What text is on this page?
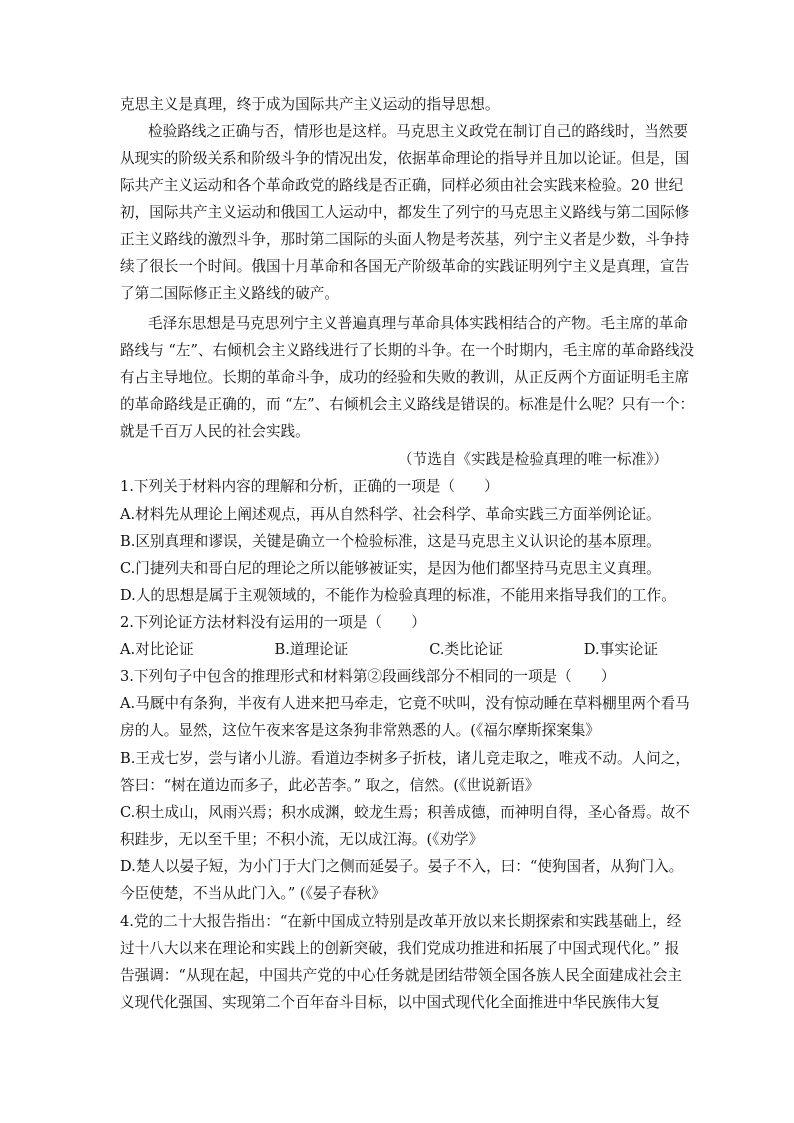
克思主义是真理，终于成为国际共产主义运动的指导思想。
检验路线之正确与否，情形也是这样。马克思主义政党在制订自己的路线时，当然要
从现实的阶级关系和阶级斗争的情况出发，依据革命理论的指导并且加以论证。但是，国
际共产主义运动和各个革命政党的路线是否正确，同样必须由社会实践来检验。20 世纪
初，国际共产主义运动和俄国工人运动中，都发生了列宁的马克思主义路线与第二国际修
正主义路线的激烈斗争，那时第二国际的头面人物是考茨基，列宁主义者是少数，斗争持
续了很长一个时间。俄国十月革命和各国无产阶级革命的实践证明列宁主义是真理，宣告
了第二国际修正主义路线的破产。
毛泽东思想是马克思列宁主义普遍真理与革命具体实践相结合的产物。毛主席的革命
路线与 “左”、右倾机会主义路线进行了长期的斗争。在一个时期内，毛主席的革命路线没
有占主导地位。长期的革命斗争，成功的经验和失败的教训，从正反两个方面证明毛主席
的革命路线是正确的，而 “左”、右倾机会主义路线是错误的。标准是什么呢？只有一个：
就是千百万人民的社会实践。
（节选自《实践是检验真理的唯一标准》）
1.下列关于材料内容的理解和分析，正确的一项是（　　）
A.材料先从理论上阐述观点，再从自然科学、社会科学、革命实践三方面举例论证。
B.区别真理和谬误，关键是确立一个检验标准，这是马克思主义认识论的基本原理。
C.门捷列夫和哥白尼的理论之所以能够被证实，是因为他们都坚持马克思主义真理。
D.人的思想是属于主观领域的，不能作为检验真理的标准，不能用来指导我们的工作。
2.下列论证方法材料没有运用的一项是（　　）
A.对比论证	B.道理论证	C.类比论证	D.事实论证
3.下列句子中包含的推理形式和材料第②段画线部分不相同的一项是（　　）
A.马厩中有条狗，半夜有人进来把马牵走，它竟不吠叫，没有惊动睡在草料棚里两个看马
房的人。显然，这位午夜来客是这条狗非常熟悉的人。(《福尔摩斯探案集》
B.王戎七岁，尝与诸小儿游。看道边李树多子折枝，诸儿竞走取之，唯戎不动。人问之，
答曰：“树在道边而多子，此必苦李。” 取之，信然。(《世说新语》
C.积土成山，风雨兴焉；积水成渊，蛟龙生焉；积善成德，而神明自得，圣心备焉。故不
积跬步，无以至千里；不积小流，无以成江海。(《劝学》
D.楚人以晏子短，为小门于大门之侧而延晏子。晏子不入，曰：“使狗国者，从狗门入。
今臣使楚，不当从此门入。” (《晏子春秋》
4.党的二十大报告指出：“在新中国成立特别是改革开放以来长期探索和实践基础上，经
过十八大以来在理论和实践上的创新突破，我们党成功推进和拓展了中国式现代化。” 报
告强调：“从现在起，中国共产党的中心任务就是团结带领全国各族人民全面建成社会主
义现代化强国、实现第二个百年奋斗目标，以中国式现代化全面推进中华民族伟大复
